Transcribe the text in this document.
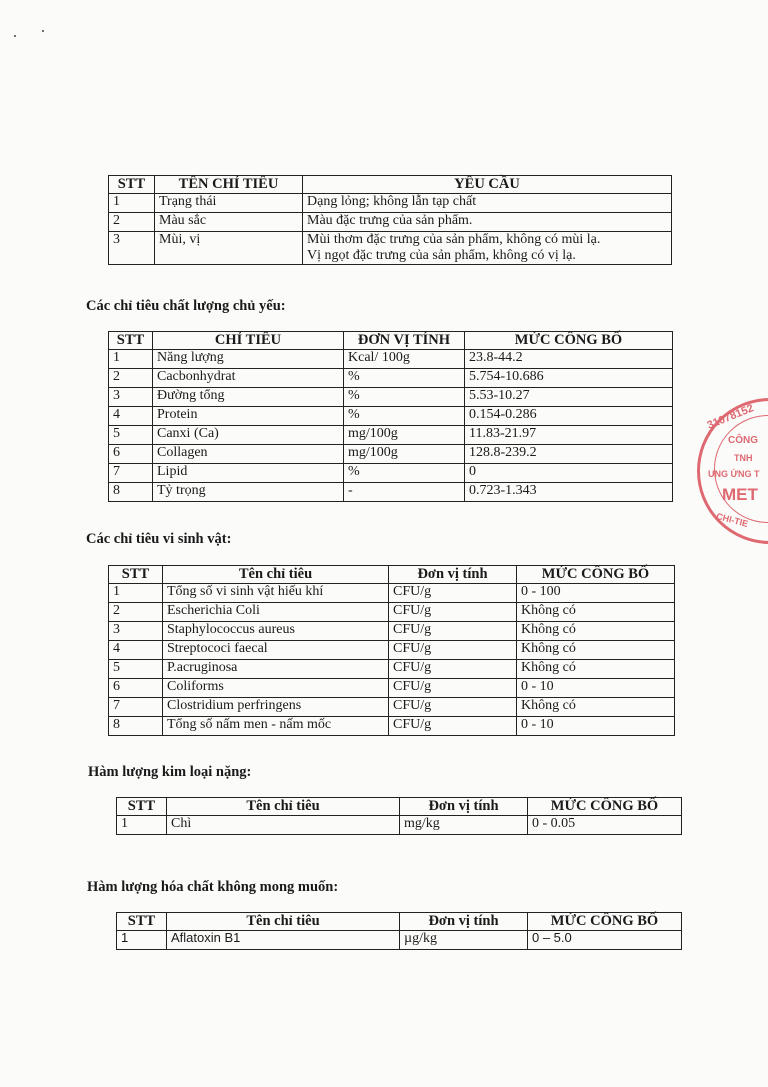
STT	TÊN CHỈ TIÊU	YÊU CẦU
1	Trạng thái	Dạng lỏng; không lẫn tạp chất
2	Màu sắc	Màu đặc trưng của sản phẩm.
3	Mùi, vị	Mùi thơm đặc trưng của sản phẩm, không có mùi lạ.
Vị ngọt đặc trưng của sản phẩm, không có vị lạ.
Các chỉ tiêu chất lượng chủ yếu:
STT	CHỈ TIÊU	ĐƠN VỊ TÍNH	MỨC CÔNG BỐ
1	Năng lượng	Kcal/ 100g	23.8-44.2
2	Cacbonhydrat	%	5.754-10.686
3	Đường tổng	%	5.53-10.27
4	Protein	%	0.154-0.286
5	Canxi (Ca)	mg/100g	11.83-21.97
6	Collagen	mg/100g	128.8-239.2
7	Lipid	%	0
8	Tỷ trọng	-	0.723-1.343
Các chỉ tiêu vi sinh vật:
STT	Tên chỉ tiêu	Đơn vị tính	MỨC CÔNG BỐ
1	Tổng số vi sinh vật hiếu khí	CFU/g	0 - 100
2	Escherichia Coli	CFU/g	Không có
3	Staphylococcus aureus	CFU/g	Không có
4	Streptococi faecal	CFU/g	Không có
5	P.acruginosa	CFU/g	Không có
6	Coliforms	CFU/g	0 - 10
7	Clostridium perfringens	CFU/g	Không có
8	Tổng số nấm men - nấm mốc	CFU/g	0 - 10
Hàm lượng kim loại nặng:
STT	Tên chỉ tiêu	Đơn vị tính	MỨC CÔNG BỐ
1	Chì	mg/kg	0 - 0.05
Hàm lượng hóa chất không mong muốn:
STT	Tên chỉ tiêu	Đơn vị tính	MỨC CÔNG BỐ
1	Aflatoxin B1	µg/kg	0 – 5.0
31078152
CÔNG
TNH
UNG ỨNG T
MET
CHI-TIE
